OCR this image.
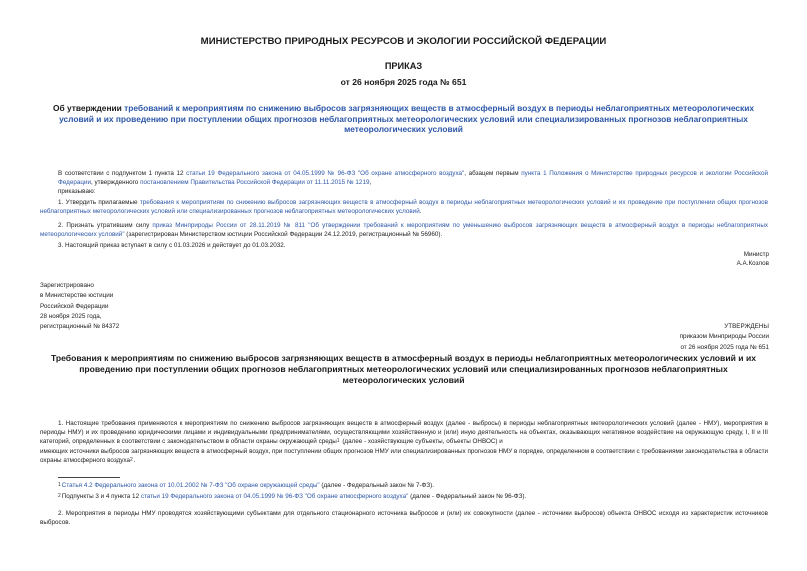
МИНИСТЕРСТВО ПРИРОДНЫХ РЕСУРСОВ И ЭКОЛОГИИ РОССИЙСКОЙ ФЕДЕРАЦИИ
ПРИКАЗ
от 26 ноября 2025 года № 651
Об утверждении требований к мероприятиям по снижению выбросов загрязняющих веществ в атмосферный воздух в периоды неблагоприятных метеорологических условий и их проведению при поступлении общих прогнозов неблагоприятных метеорологических условий или специализированных прогнозов неблагоприятных метеорологических условий
В соответствии с подпунктом 1 пункта 12 статьи 19 Федерального закона от 04.05.1999 № 96-ФЗ "Об охране атмосферного воздуха", абзацем первым пункта 1 Положения о Министерстве природных ресурсов и экологии Российской Федерации, утвержденного постановлением Правительства Российской Федерации от 11.11.2015 № 1219,
приказываю:
1. Утвердить прилагаемые требования к мероприятиям по снижению выбросов загрязняющих веществ в атмосферный воздух в периоды неблагоприятных метеорологических условий и их проведение при поступлении общих прогнозов неблагоприятных метеорологических условий или специализированных прогнозов неблагоприятных метеорологических условий.
2. Признать утратившим силу приказ Минприроды России от 28.11.2019 № 811 "Об утверждении требований к мероприятиям по уменьшению выбросов загрязняющих веществ в атмосферный воздух в периоды неблагоприятных метеорологических условий" (зарегистрирован Министерством юстиции Российской Федерации 24.12.2019, регистрационный № 56960).
3. Настоящий приказ вступает в силу с 01.03.2026 и действует до 01.03.2032.
Министр
А.А.Козлов
Зарегистрировано
в Министерстве юстиции
Российской Федерации
28 ноября 2025 года,
регистрационный № 84372	УТВЕРЖДЕНЫ
приказом Минприроды России
от 26 ноября 2025 года № 651
Требования к мероприятиям по снижению выбросов загрязняющих веществ в атмосферный воздух в периоды неблагоприятных метеорологических условий и их проведению при поступлении общих прогнозов неблагоприятных метеорологических условий или специализированных прогнозов неблагоприятных метеорологических условий
1. Настоящие требования применяются к мероприятиям по снижению выбросов загрязняющих веществ в атмосферный воздух (далее - выбросы) в периоды неблагоприятных метеорологических условий (далее - НМУ), мероприятия в периоды НМУ) и их проведению юридическими лицами и индивидуальными предпринимателями, осуществляющими хозяйственную и (или) иную деятельность на объектах, оказывающих негативное воздействие на окружающую среду, I, II и III категорий, определенных в соответствии с законодательством в области охраны окружающей среды$^1$ (далее - хозяйствующие субъекты, объекты ОНВОС) и
имеющих источники выбросов загрязняющих веществ в атмосферный воздух, при поступлении общих прогнозов НМУ или специализированных прогнозов НМУ в порядке, определенном в соответствии с требованиями законодательства в области охраны атмосферного воздуха$^2$.
$^1$Статья 4.2 Федерального закона от 10.01.2002 № 7-ФЗ "Об охране окружающей среды" (далее - Федеральный закон № 7-ФЗ).
$^2$Подпункты 3 и 4 пункта 12 статьи 19 Федерального закона от 04.05.1999 № 96-ФЗ "Об охране атмосферного воздуха" (далее - Федеральный закон № 96-ФЗ).
2. Мероприятия в периоды НМУ проводятся хозяйствующими субъектами для отдельного стационарного источника выбросов и (или) их совокупности (далее - источники выбросов) объекта ОНВОС исходя из характеристик источников выбросов.
